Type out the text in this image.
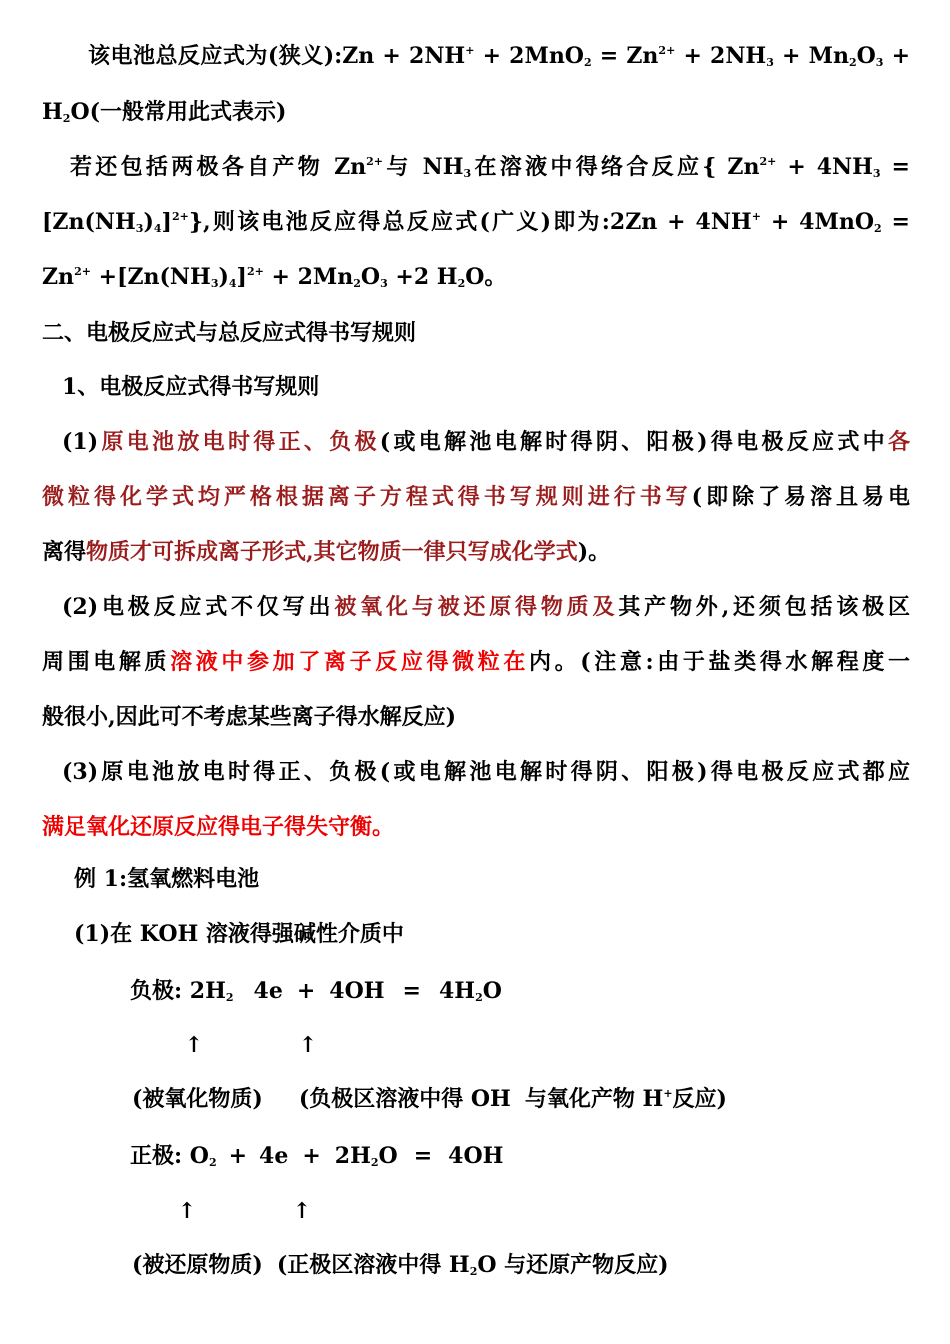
该电池总反应式为(狭义):Zn + $2NH^+ + 2MnO_2 = Zn^{2+} + 2NH_3 + Mn_2O_3$ +
$H_2O$(一般常用此式表示)
若还包括两极各自产物 $Zn^{2+}$与 $NH_3$在溶液中得络合反应{ $Zn^{2+} + 4NH_3$ =
$[Zn(NH_3)_4]^{2+}$},则该电池反应得总反应式(广义)即为:2Zn + 4NH+ + 4MnO$_2$ =
$Zn^{2+} +[Zn(NH_3)_4]^{2+} + 2Mn_2O_3 +2$ $H_2O$。
二、电极反应式与总反应式得书写规则
1、电极反应式得书写规则
(1)原电池放电时得正、负极(或电解池电解时得阴、阳极)得电极反应式中各
微粒得化学式均严格根据离子方程式得书写规则进行书写(即除了易溶且易电
离得物质才可拆成离子形式,其它物质一律只写成化学式)。
(2)电极反应式不仅写出被氧化与被还原得物质及其产物外,还须包括该极区
周围电解质溶液中参加了离子反应得微粒在内。(注意:由于盐类得水解程度一
般很小,因此可不考虑某些离子得水解反应)
(3)原电池放电时得正、负极(或电解池电解时得阴、阳极)得电极反应式都应
满足氧化还原反应得电子得失守衡。
例 1:氢氧燃料电池
(1)在 KOH 溶液得强碱性介质中
负极: $2H_2$ $4e + 4OH = 4H_2O$
↑	↑
(被氧化物质) (负极区溶液中得 OH 与氧化产物 H+反应)
正极: $O_2 + 4e + 2H_2O = 4OH$
↑	↑
(被还原物质) (正极区溶液中得 $H_2O$ 与还原产物反应)
